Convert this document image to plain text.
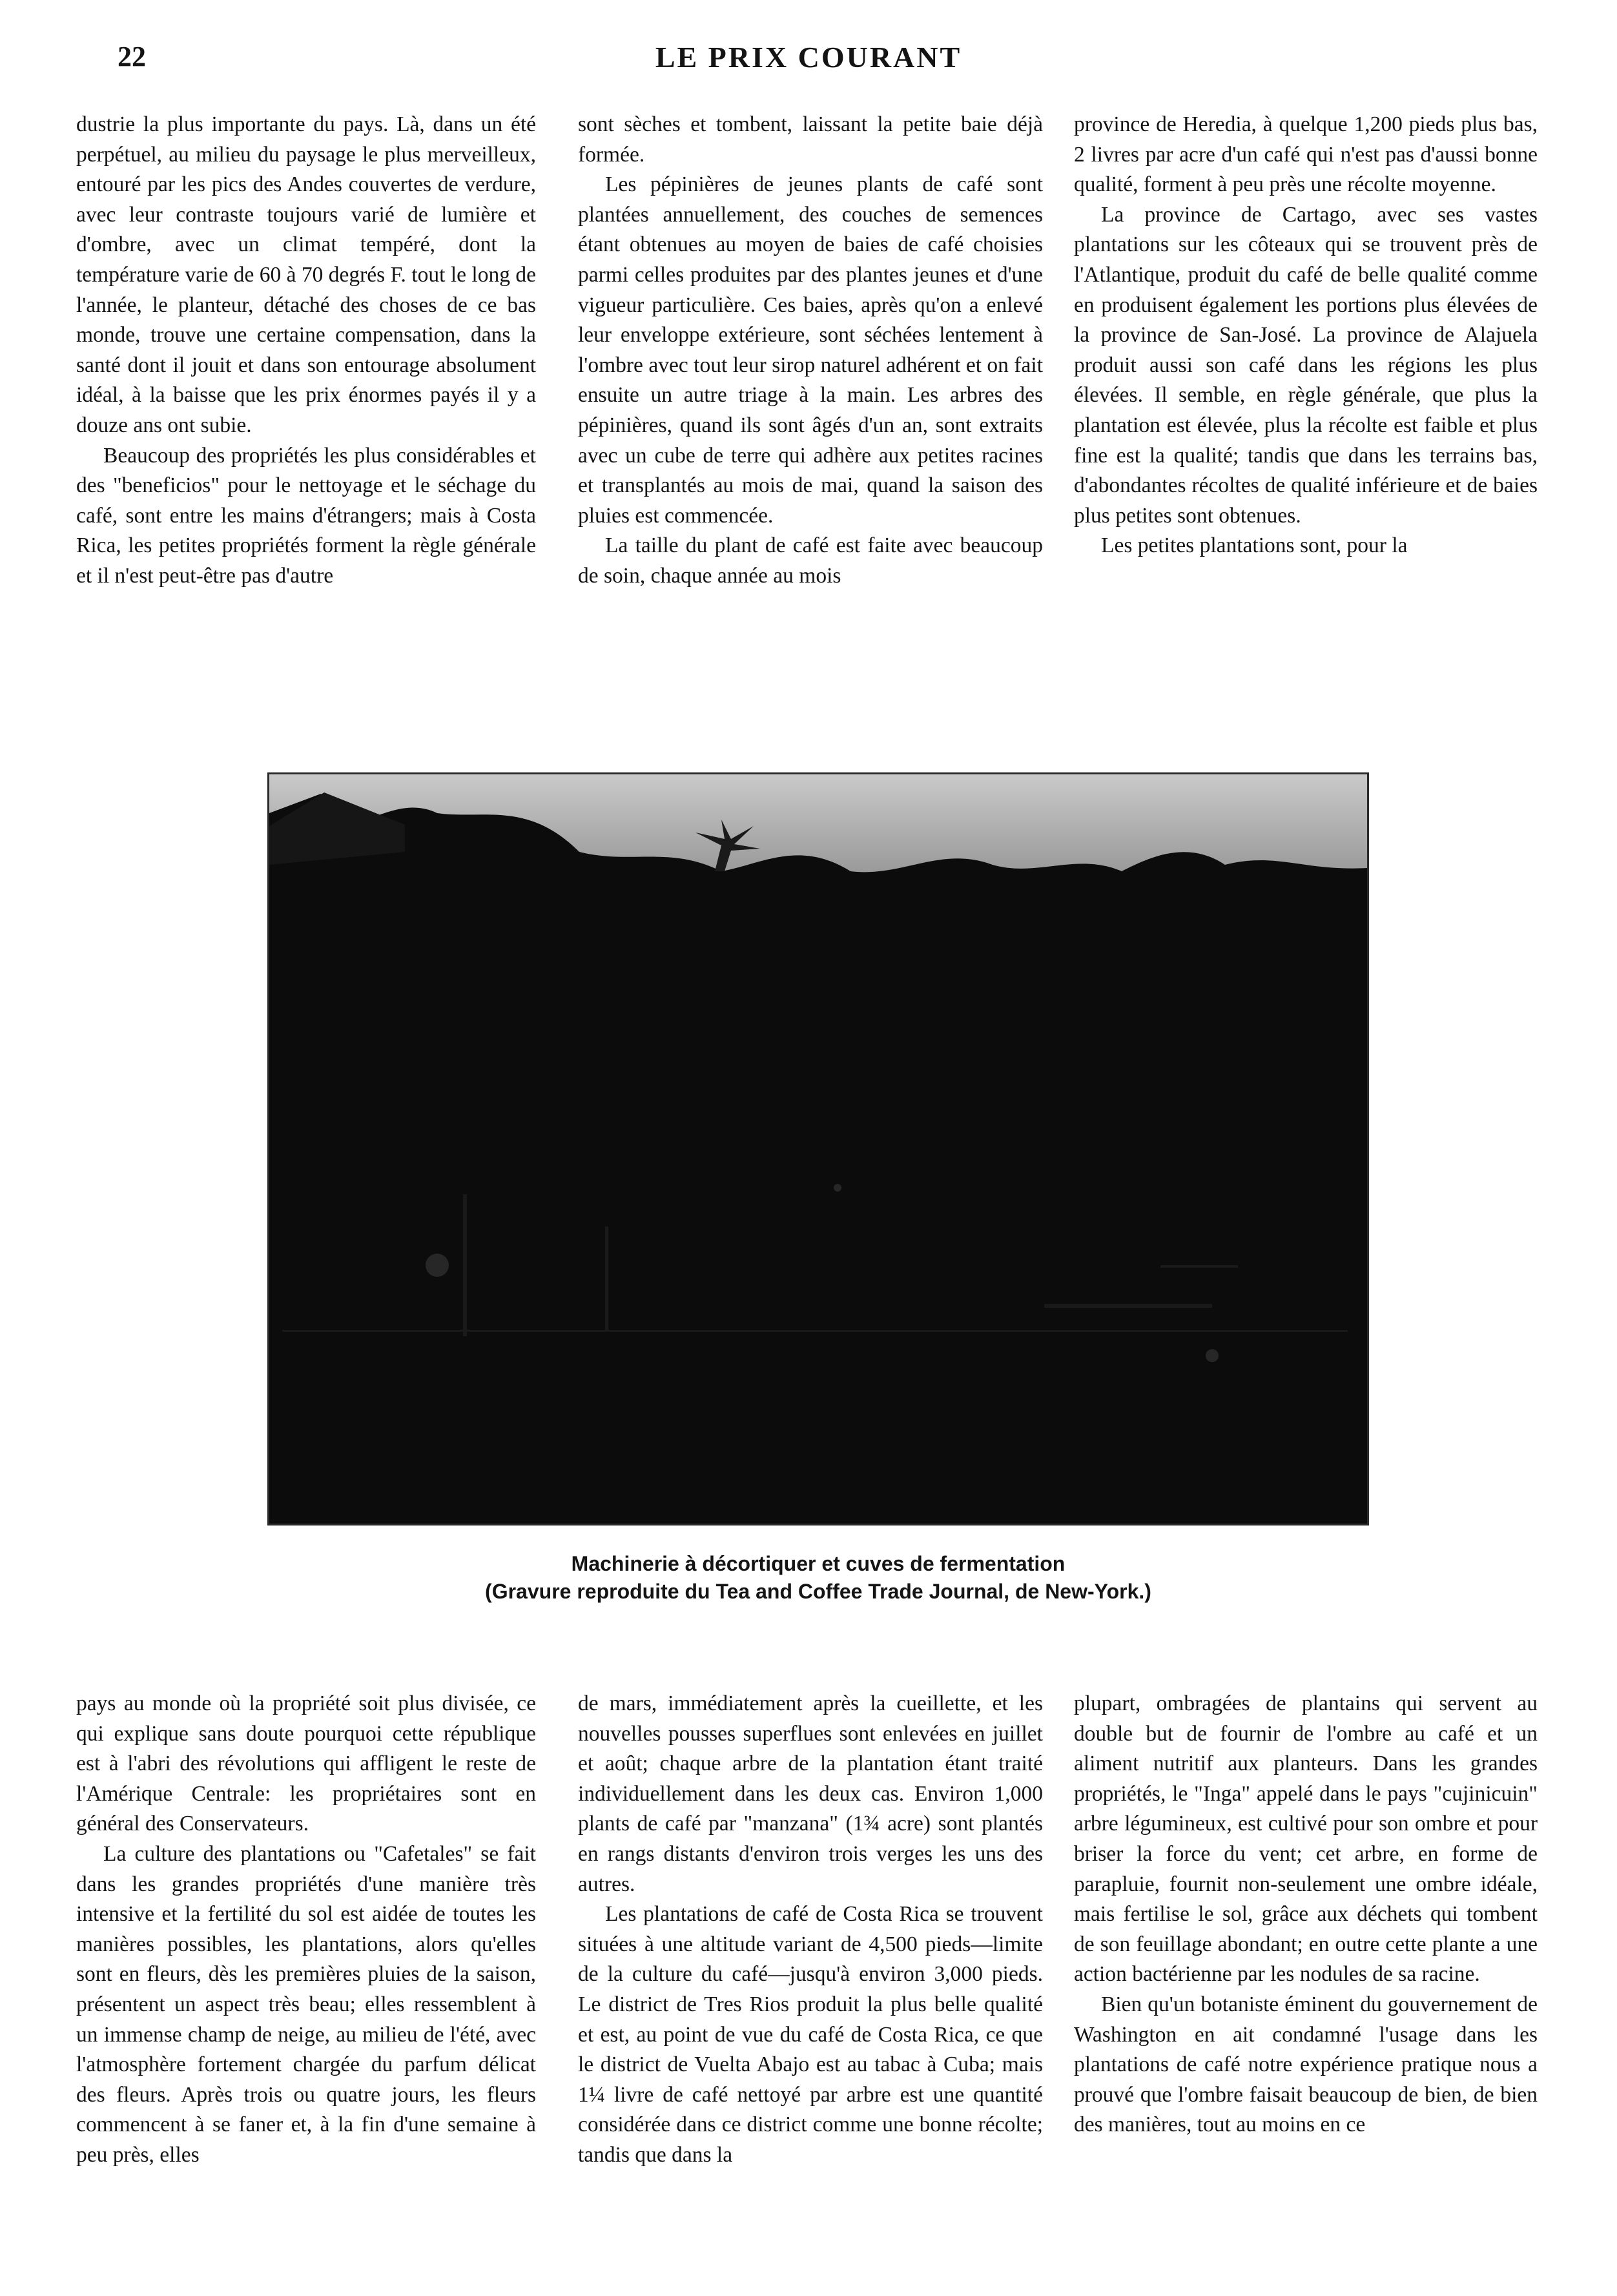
22	LE PRIX COURANT

dustrie la plus importante du pays. Là, dans un été perpétuel, au milieu du paysage le plus merveilleux, entouré par les pics des Andes couvertes de verdure, avec leur contraste toujours varié de lumière et d'ombre, avec un climat tempéré, dont la température varie de 60 à 70 degrés F. tout le long de l'année, le planteur, détaché des choses de ce bas monde, trouve une certaine compensation, dans la santé dont il jouit et dans son entourage absolument idéal, à la baisse que les prix énormes payés il y a douze ans ont subie.

Beaucoup des propriétés les plus considérables et des "beneficios" pour le nettoyage et le séchage du café, sont entre les mains d'étrangers; mais à Costa Rica, les petites propriétés forment la règle générale et il n'est peut-être pas d'autre

sont sèches et tombent, laissant la petite baie déjà formée.

Les pépinières de jeunes plants de café sont plantées annuellement, des couches de semences étant obtenues au moyen de baies de café choisies parmi celles produites par des plantes jeunes et d'une vigueur particulière. Ces baies, après qu'on a enlevé leur enveloppe extérieure, sont séchées lentement à l'ombre avec tout leur sirop naturel adhérent et on fait ensuite un autre triage à la main. Les arbres des pépinières, quand ils sont âgés d'un an, sont extraits avec un cube de terre qui adhère aux petites racines et transplantés au mois de mai, quand la saison des pluies est commencée.

La taille du plant de café est faite avec beaucoup de soin, chaque année au mois

province de Heredia, à quelque 1,200 pieds plus bas, 2 livres par acre d'un café qui n'est pas d'aussi bonne qualité, forment à peu près une récolte moyenne.

La province de Cartago, avec ses vastes plantations sur les côteaux qui se trouvent près de l'Atlantique, produit du café de belle qualité comme en produisent également les portions plus élevées de la province de San-José. La province de Alajuela produit aussi son café dans les régions les plus élevées. Il semble, en règle générale, que plus la plantation est élevée, plus la récolte est faible et plus fine est la qualité; tandis que dans les terrains bas, d'abondantes récoltes de qualité inférieure et de baies plus petites sont obtenues.

Les petites plantations sont, pour la

Machinerie à décortiquer et cuves de fermentation
(Gravure reproduite du Tea and Coffee Trade Journal, de New-York.)

pays au monde où la propriété soit plus divisée, ce qui explique sans doute pourquoi cette république est à l'abri des révolutions qui affligent le reste de l'Amérique Centrale: les propriétaires sont en général des Conservateurs.

La culture des plantations ou "Cafetales" se fait dans les grandes propriétés d'une manière très intensive et la fertilité du sol est aidée de toutes les manières possibles, les plantations, alors qu'elles sont en fleurs, dès les premières pluies de la saison, présentent un aspect très beau; elles ressemblent à un immense champ de neige, au milieu de l'été, avec l'atmosphère fortement chargée du parfum délicat des fleurs. Après trois ou quatre jours, les fleurs commencent à se faner et, à la fin d'une semaine à peu près, elles

de mars, immédiatement après la cueillette, et les nouvelles pousses superflues sont enlevées en juillet et août; chaque arbre de la plantation étant traité individuellement dans les deux cas. Environ 1,000 plants de café par "manzana" (1¾ acre) sont plantés en rangs distants d'environ trois verges les uns des autres.

Les plantations de café de Costa Rica se trouvent situées à une altitude variant de 4,500 pieds—limite de la culture du café—jusqu'à environ 3,000 pieds. Le district de Tres Rios produit la plus belle qualité et est, au point de vue du café de Costa Rica, ce que le district de Vuelta Abajo est au tabac à Cuba; mais 1¼ livre de café nettoyé par arbre est une quantité considérée dans ce district comme une bonne récolte; tandis que dans la

plupart, ombragées de plantains qui servent au double but de fournir de l'ombre au café et un aliment nutritif aux planteurs. Dans les grandes propriétés, le "Inga" appelé dans le pays "cujinicuin" arbre légumineux, est cultivé pour son ombre et pour briser la force du vent; cet arbre, en forme de parapluie, fournit non-seulement une ombre idéale, mais fertilise le sol, grâce aux déchets qui tombent de son feuillage abondant; en outre cette plante a une action bactérienne par les nodules de sa racine.

Bien qu'un botaniste éminent du gouvernement de Washington en ait condamné l'usage dans les plantations de café notre expérience pratique nous a prouvé que l'ombre faisait beaucoup de bien, de bien des manières, tout au moins en ce
